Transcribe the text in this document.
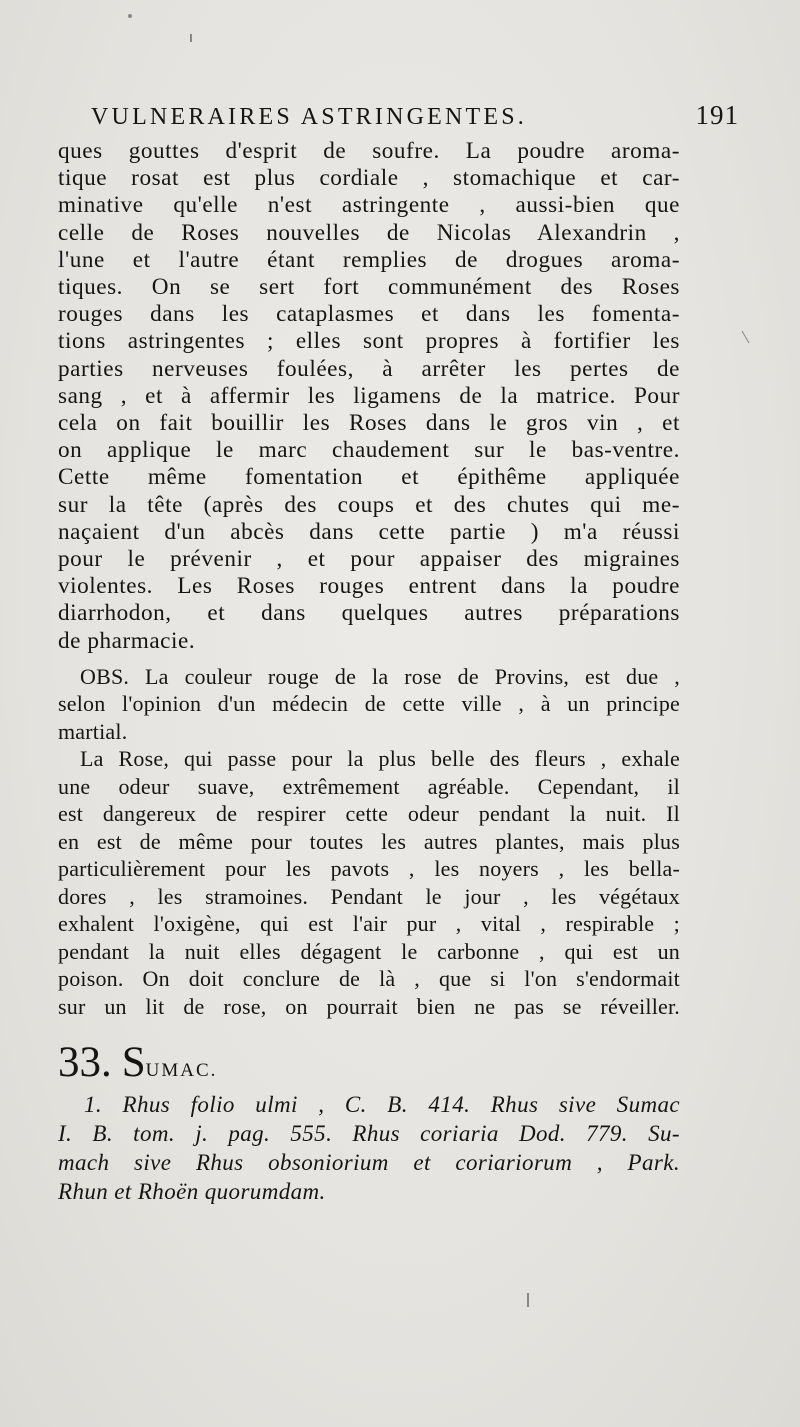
VULNERAIRES ASTRINGENTES.	191
ques gouttes d'esprit de soufre. La poudre aroma-
tique rosat est plus cordiale , stomachique et car-
minative qu'elle n'est astringente , aussi-bien que
celle de Roses nouvelles de Nicolas Alexandrin ,
l'une et l'autre étant remplies de drogues aroma-
tiques. On se sert fort communément des Roses
rouges dans les cataplasmes et dans les fomenta-
tions astringentes ; elles sont propres à fortifier les
parties nerveuses foulées, à arrêter les pertes de
sang , et à affermir les ligamens de la matrice. Pour
cela on fait bouillir les Roses dans le gros vin , et
on applique le marc chaudement sur le bas-ventre.
Cette même fomentation et épithême appliquée
sur la tête (après des coups et des chutes qui me-
naçaient d'un abcès dans cette partie ) m'a réussi
pour le prévenir , et pour appaiser des migraines
violentes. Les Roses rouges entrent dans la poudre
diarrhodon, et dans quelques autres préparations
de pharmacie.
OBS. La couleur rouge de la rose de Provins, est due ,
selon l'opinion d'un médecin de cette ville , à un principe
martial.
La Rose, qui passe pour la plus belle des fleurs , exhale
une odeur suave, extrêmement agréable. Cependant, il
est dangereux de respirer cette odeur pendant la nuit. Il
en est de même pour toutes les autres plantes, mais plus
particulièrement pour les pavots , les noyers , les bella-
dores , les stramoines. Pendant le jour , les végétaux
exhalent l'oxigène, qui est l'air pur , vital , respirable ;
pendant la nuit elles dégagent le carbonne , qui est un
poison. On doit conclure de là , que si l'on s'endormait
sur un lit de rose, on pourrait bien ne pas se réveiller.
33. SUMAC.
1. Rhus folio ulmi , C. B. 414. Rhus sive Sumac
I. B. tom. j. pag. 555. Rhus coriaria Dod. 779. Su-
mach sive Rhus obsoniorium et coriariorum , Park.
Rhun et Rhoën quorumdam.
